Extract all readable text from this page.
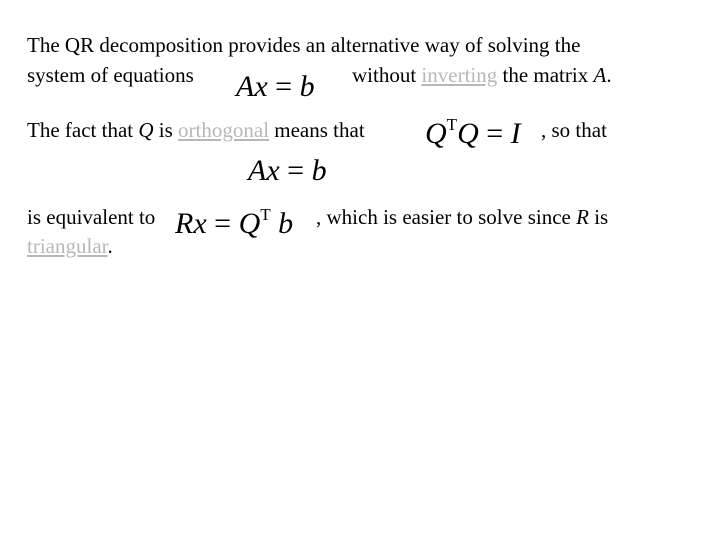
The QR decomposition provides an alternative way of solving the
system of equations Ax = b without inverting the matrix A.
The fact that Q is orthogonal means that $Q^TQ = I$ , so that
Ax = b
is equivalent to $Rx = Q^T$ b , which is easier to solve since R is
triangular.
